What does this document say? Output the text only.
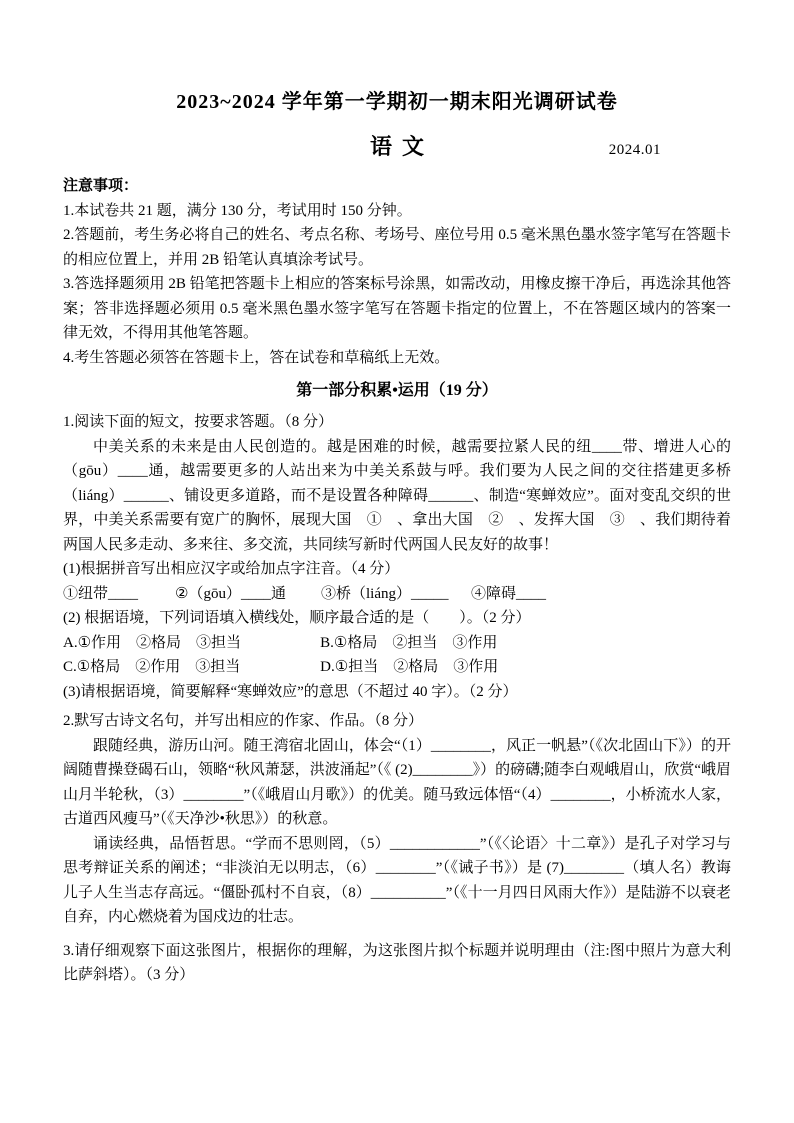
2023~2024 学年第一学期初一期末阳光调研试卷
语文	2024.01

注意事项：

1.本试卷共 21 题，满分 130 分，考试用时 150 分钟。

2.答题前，考生务必将自己的姓名、考点名称、考场号、座位号用 0.5 毫米黑色墨水签字笔写在答题卡的相应位置上，并用 2B 铅笔认真填涂考试号。

3.答选择题须用 2B 铅笔把答题卡上相应的答案标号涂黑，如需改动，用橡皮擦干净后，再选涂其他答案；答非选择题必须用 0.5 毫米黑色墨水签字笔写在答题卡指定的位置上，不在答题区域内的答案一律无效，不得用其他笔答题。

4.考生答题必须答在答题卡上，答在试卷和草稿纸上无效。

第一部分积累•运用（19 分）

1.阅读下面的短文，按要求答题。（8 分）

中美关系的未来是由人民创造的。越是困难的时候，越需要拉紧人民的纽____带、增进人心的（gōu）____通，越需要更多的人站出来为中美关系鼓与呼。我们要为人民之间的交往搭建更多桥（liáng）______、铺设更多道路，而不是设置各种障碍______、制造“寒蝉效应”。面对变乱交织的世界，中美关系需要有宽广的胸怀，展现大国　①　、拿出大国　②　、发挥大国　③　、我们期待着两国人民多走动、多来往、多交流，共同续写新时代两国人民友好的故事！

(1)根据拼音写出相应汉字或给加点字注音。（4 分）

①纽带____	②（gōu）____通	③桥（liáng）_____	④障碍____

(2) 根据语境，下列词语填入横线处，顺序最合适的是（　　）。（2 分）

A.①作用　②格局　③担当	B.①格局　②担当　③作用
C.①格局　②作用　③担当	D.①担当　②格局　③作用

(3)请根据语境，简要解释“寒蝉效应”的意思（不超过 40 字）。（2 分）

2.默写古诗文名句，并写出相应的作家、作品。（8 分）

跟随经典，游历山河。随王湾宿北固山，体会“（1）________，风正一帆悬”（《次北固山下》）的开阔随曹操登碣石山，领略“秋风萧瑟，洪波涌起”（《 (2)________》）的磅礴;随李白观峨眉山，欣赏“峨眉山月半轮秋，（3）________”（《峨眉山月歌》）的优美。随马致远体悟“（4）________，小桥流水人家，古道西风瘦马”（《天净沙•秋思》）的秋意。

诵读经典，品悟哲思。“学而不思则罔，（5）____________”（《〈论语〉十二章》）是孔子对学习与思考辩证关系的阐述；“非淡泊无以明志，（6）________”（《诫子书》）是 (7)________（填人名）教诲儿子人生当志存高远。“僵卧孤村不自哀，（8）__________”（《十一月四日风雨大作》）是陆游不以衰老自弃，内心燃烧着为国戍边的壮志。

3.请仔细观察下面这张图片，根据你的理解，为这张图片拟个标题并说明理由（注:图中照片为意大利比萨斜塔）。（3 分）
